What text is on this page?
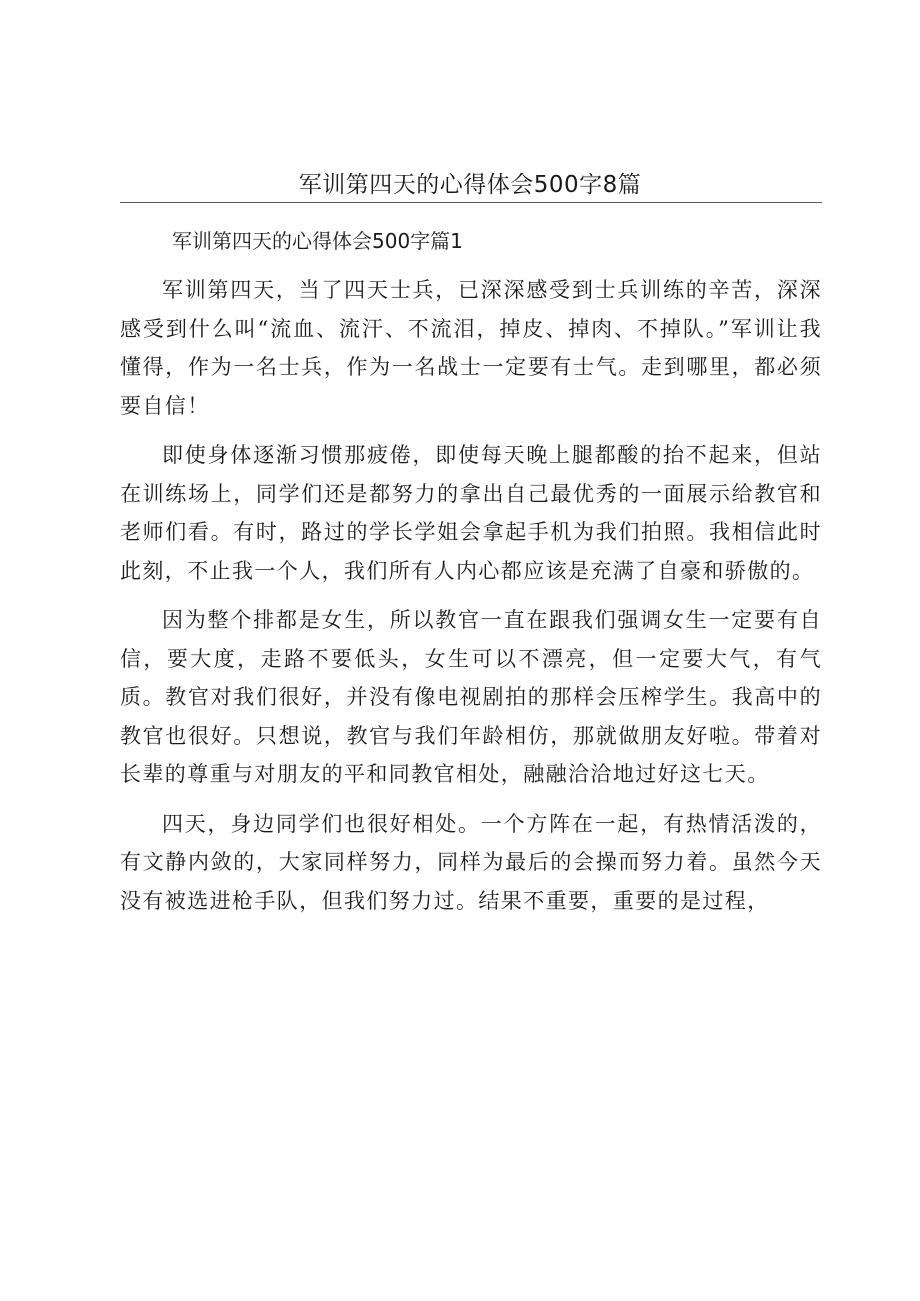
军训第四天的心得体会500字8篇
军训第四天的心得体会500字篇1

军训第四天，当了四天士兵，已深深感受到士兵训练的辛苦，深深感受到什么叫“流血、流汗、不流泪，掉皮、掉肉、不掉队。”军训让我懂得，作为一名士兵，作为一名战士一定要有士气。走到哪里，都必须要自信！

即使身体逐渐习惯那疲倦，即使每天晚上腿都酸的抬不起来，但站在训练场上，同学们还是都努力的拿出自己最优秀的一面展示给教官和老师们看。有时，路过的学长学姐会拿起手机为我们拍照。我相信此时此刻，不止我一个人，我们所有人内心都应该是充满了自豪和骄傲的。

因为整个排都是女生，所以教官一直在跟我们强调女生一定要有自信，要大度，走路不要低头，女生可以不漂亮，但一定要大气，有气质。教官对我们很好，并没有像电视剧拍的那样会压榨学生。我高中的教官也很好。只想说，教官与我们年龄相仿，那就做朋友好啦。带着对长辈的尊重与对朋友的平和同教官相处，融融洽洽地过好这七天。

四天，身边同学们也很好相处。一个方阵在一起，有热情活泼的，有文静内敛的，大家同样努力，同样为最后的会操而努力着。虽然今天没有被选进枪手队，但我们努力过。结果不重要，重要的是过程，
